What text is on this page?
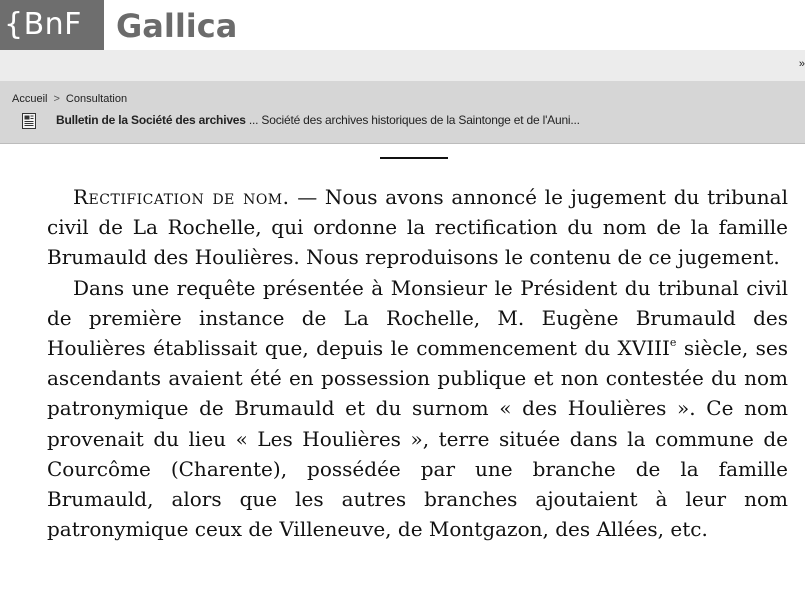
{BnF	Gallica
»
Accueil > Consultation
Bulletin de la Société des archives ... Société des archives historiques de la Saintonge et de l'Auni...

Rectification de nom. — Nous avons annoncé le jugement du tribunal civil de La Rochelle, qui ordonne la rectification du nom de la famille Brumauld des Houlières. Nous reproduisons le contenu de ce jugement.

Dans une requête présentée à Monsieur le Président du tribunal civil de première instance de La Rochelle, M. Eugène Brumauld des Houlières établissait que, depuis le commencement du XVIIIe siècle, ses ascendants avaient été en possession publique et non contestée du nom patronymique de Brumauld et du surnom « des Houlières ». Ce nom provenait du lieu « Les Houlières », terre située dans la commune de Courcôme (Charente), possédée par une branche de la famille Brumauld, alors que les autres branches ajoutaient à leur nom patronymique ceux de Villeneuve, de Montgazon, des Allées, etc.
